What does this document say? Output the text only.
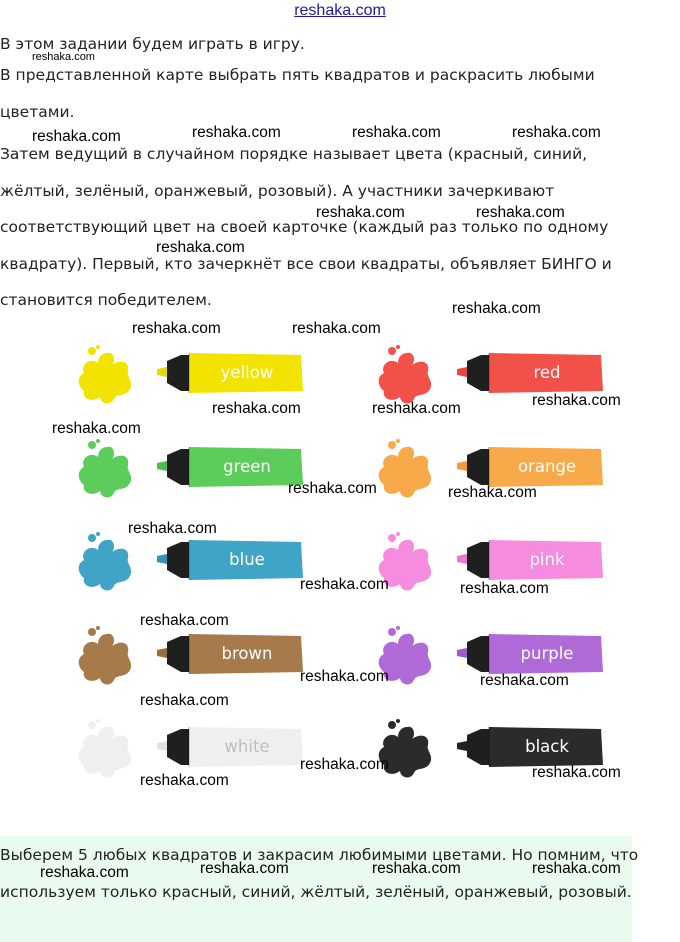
reshaka.com

В этом задании будем играть в игру.

В представленной карте выбрать пять квадратов и раскрасить любыми цветами.

Затем ведущий в случайном порядке называет цвета (красный, синий, жёлтый, зелёный, оранжевый, розовый). А участники зачеркивают соответствующий цвет на своей карточке (каждый раз только по одному квадрату). Первый, кто зачеркнёт все свои квадраты, объявляет БИНГО и становится победителем.

yellow	red
green	orange
blue	pink
brown	purple
white	black

Выберем 5 любых квадратов и закрасим любимыми цветами. Но помним, что используем только красный, синий, жёлтый, зелёный, оранжевый, розовый.

reshaka.com
reshaka.com	reshaka.com	reshaka.com	reshaka.com
reshaka.com	reshaka.com
reshaka.com
reshaka.com
reshaka.com	reshaka.com
reshaka.com
reshaka.com	reshaka.com
reshaka.com
reshaka.com	reshaka.com
reshaka.com
reshaka.com	reshaka.com
reshaka.com
reshaka.com	reshaka.com
reshaka.com
reshaka.com	reshaka.com
reshaka.com
reshaka.com	reshaka.com	reshaka.com	reshaka.com
